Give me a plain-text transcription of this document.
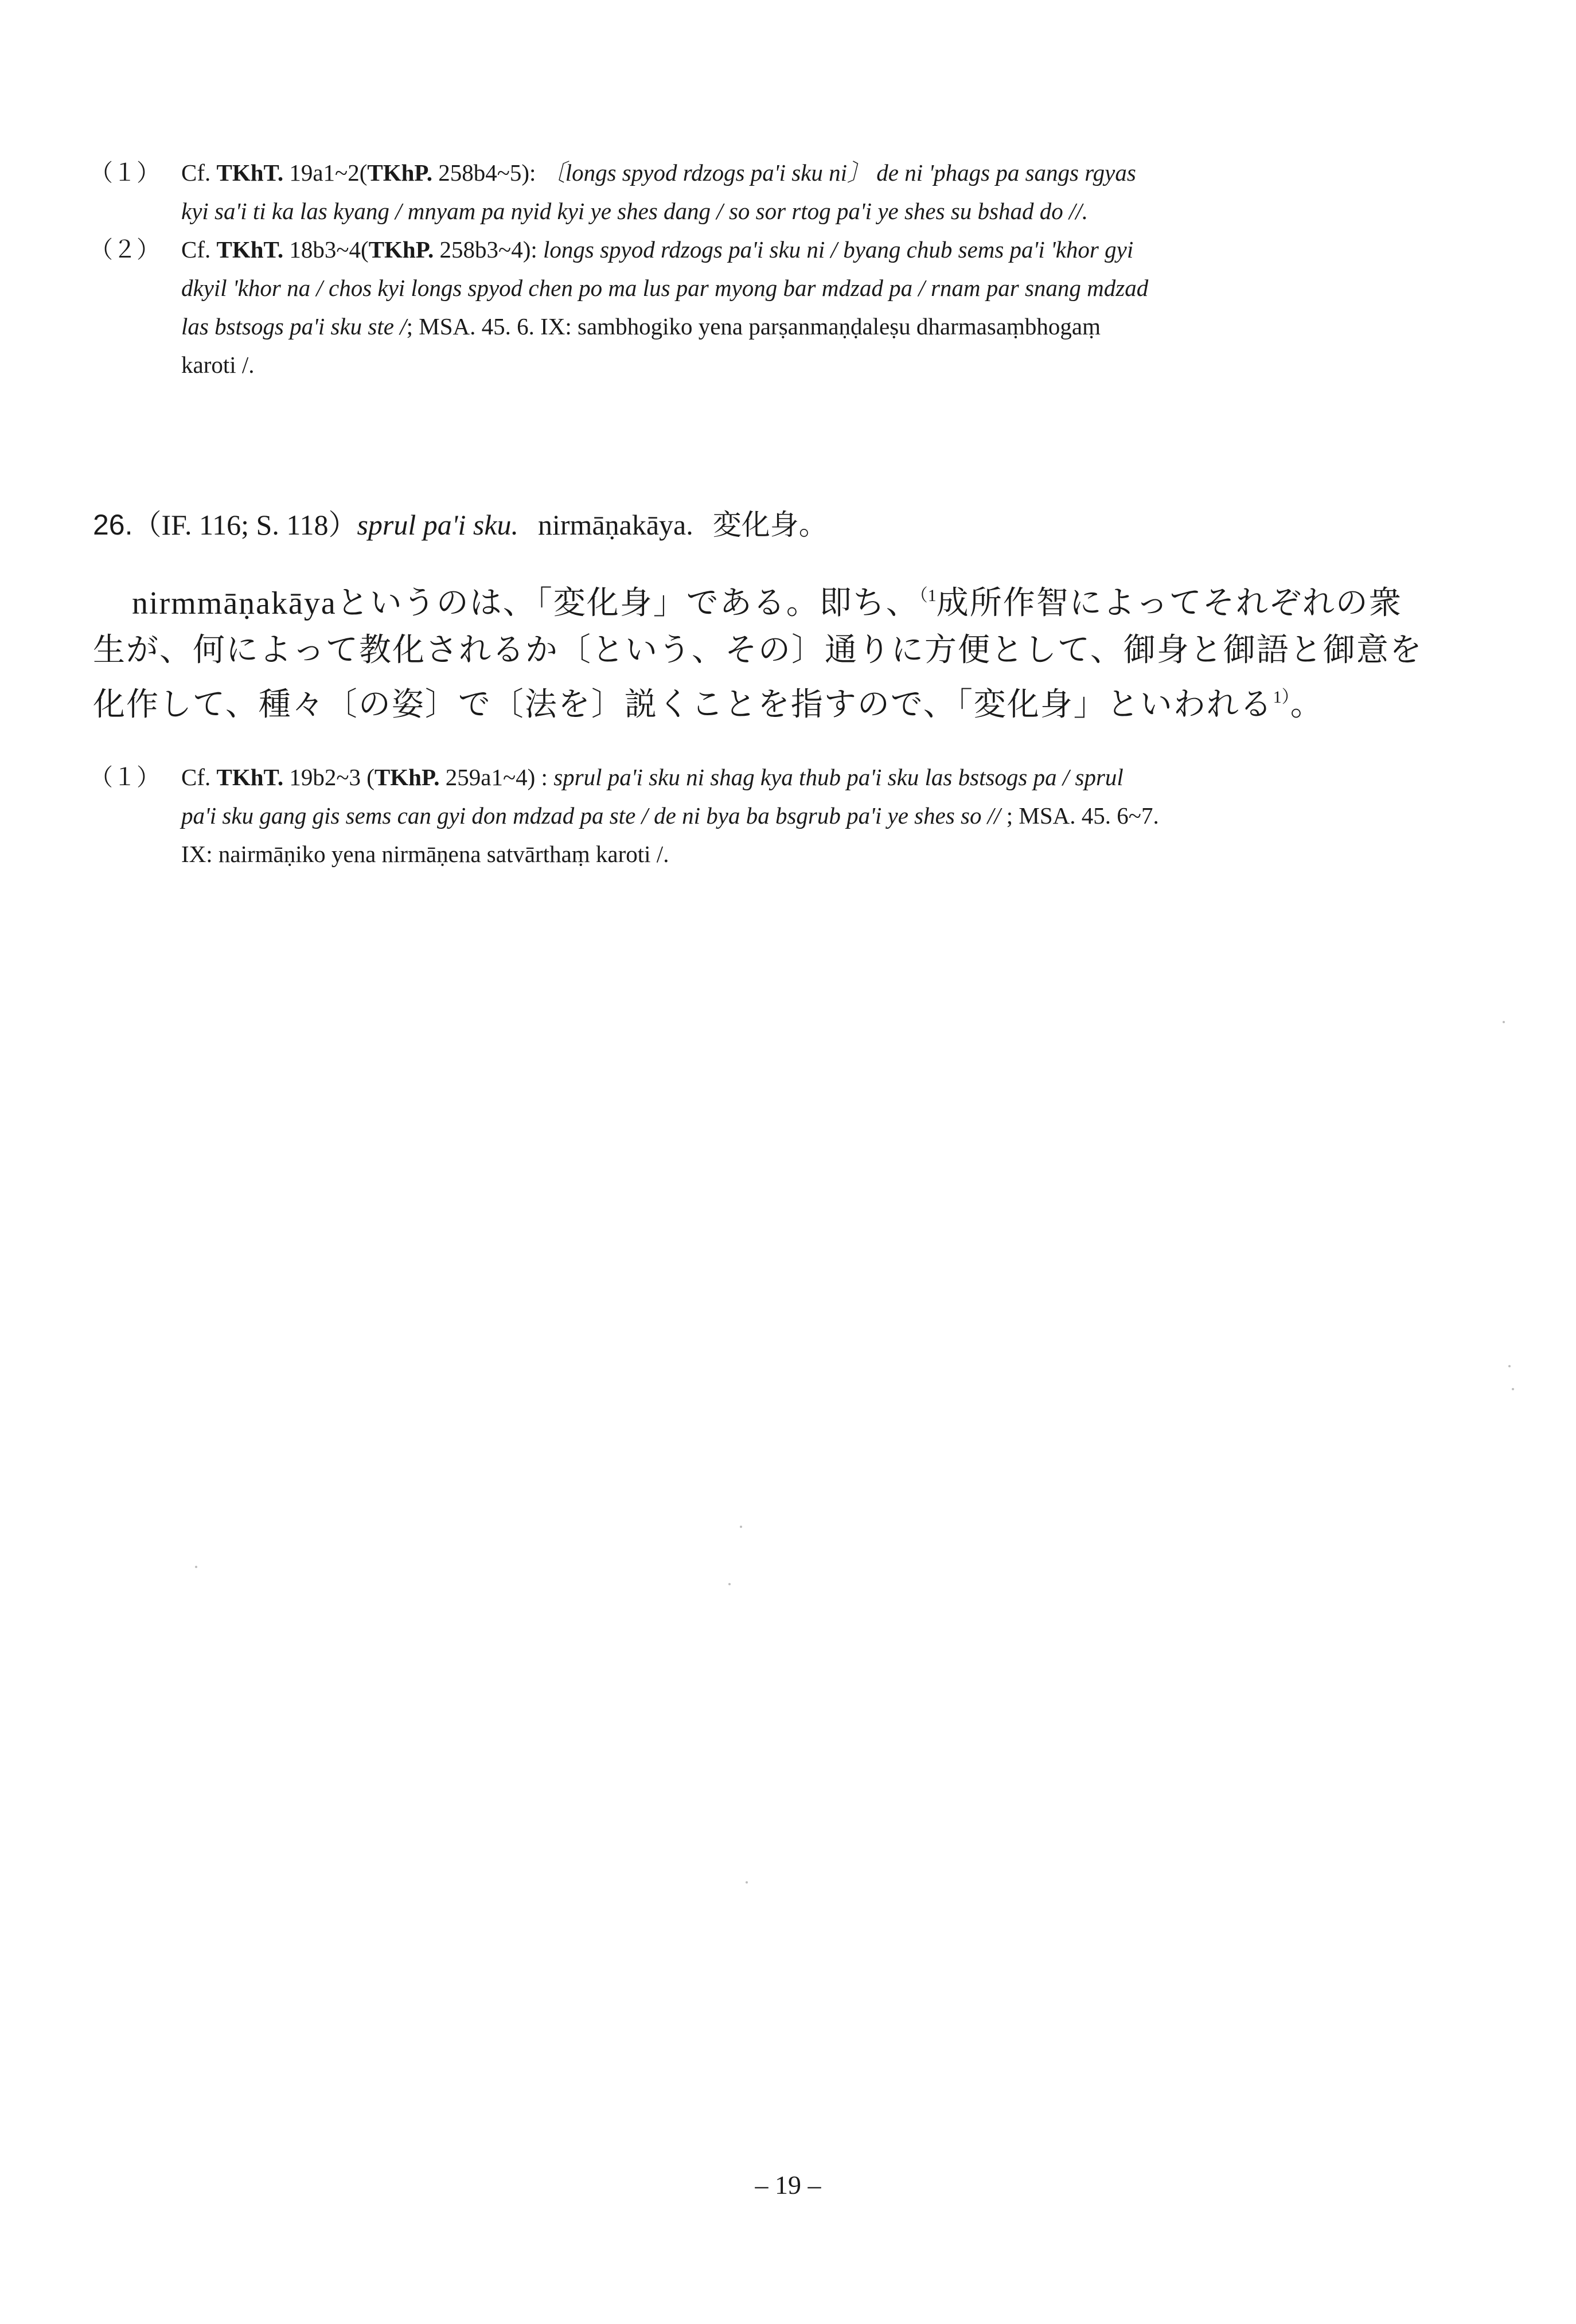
（１） Cf. TKhT. 19a1~2(TKhP. 258b4~5): 〔longs spyod rdzogs pa'i sku ni〕 de ni 'phags pa sangs rgyas
kyi sa'i ti ka las kyang / mnyam pa nyid kyi ye shes dang / so sor rtog pa'i ye shes su bshad do //.
（２） Cf. TKhT. 18b3~4(TKhP. 258b3~4): longs spyod rdzogs pa'i sku ni / byang chub sems pa'i 'khor gyi
dkyil 'khor na / chos kyi longs spyod chen po ma lus par myong bar mdzad pa / rnam par snang mdzad
las bstsogs pa'i sku ste /; MSA. 45. 6. IX: sambhogiko yena parṣanmaṇḍaleṣu dharmasaṃbhogaṃ
karoti /.
26.（IF. 116; S. 118）sprul pa'i sku. nirmāṇakāya. 変化身。
nirmmāṇakāyaというのは、「変化身」である。即ち、$^{(1}$成所作智によってそれぞれの衆
生が、何によって教化されるか〔という、その〕通りに方便として、御身と御語と御意を
化作して、種々〔の姿〕で〔法を〕説くことを指すので、「変化身」といわれる$^{1)}$。
（１） Cf. TKhT. 19b2~3 (TKhP. 259a1~4) : sprul pa'i sku ni shag kya thub pa'i sku las bstsogs pa / sprul
pa'i sku gang gis sems can gyi don mdzad pa ste / de ni bya ba bsgrub pa'i ye shes so // ; MSA. 45. 6~7.
IX: nairmāṇiko yena nirmāṇena satvārthaṃ karoti /.
– 19 –
